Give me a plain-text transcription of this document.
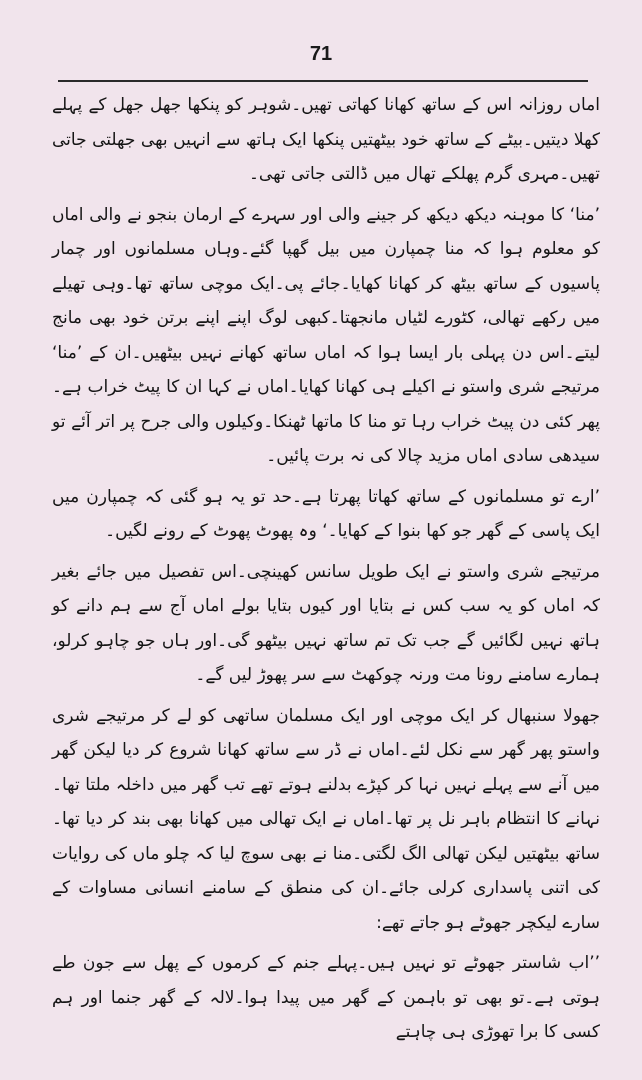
71

اماں روزانہ اس کے ساتھ کھانا کھاتی تھیں۔شوہر کو پنکھا جھل جھل کے پہلے کھلا دیتیں۔بیٹے کے ساتھ خود بیٹھتیں پنکھا ایک ہاتھ سے انہیں بھی جھلتی جاتی تھیں۔مہری گرم پھلکے تھال میں ڈالتی جاتی تھی۔

’منا‘ کا موہنہ دیکھ دیکھ کر جینے والی اور سہرے کے ارمان بنجو نے والی اماں کو معلوم ہوا کہ منا چمپارن میں بیل گھپا گئے۔وہاں مسلمانوں اور چمار پاسیوں کے ساتھ بیٹھ کر کھانا کھایا۔جائے پی۔ایک موچی ساتھ تھا۔وہی تھیلے میں رکھے تھالی، کٹورے لٹیاں مانجھتا۔کبھی لوگ اپنے اپنے برتن خود بھی مانج لیتے۔اس دن پہلی بار ایسا ہوا کہ اماں ساتھ کھانے نہیں بیٹھیں۔ان کے ’منا‘ مرتیجے شری واستو نے اکیلے ہی کھانا کھایا۔اماں نے کہا ان کا پیٹ خراب ہے۔پھر کئی دن پیٹ خراب رہا تو منا کا ماتھا ٹھنکا۔وکیلوں والی جرح پر اتر آئے تو سیدھی سادی اماں مزید چالا کی نہ برت پائیں۔

’ارے تو مسلمانوں کے ساتھ کھاتا پھرتا ہے۔حد تو یہ ہو گئی کہ چمپارن میں ایک پاسی کے گھر جو کھا بنوا کے کھایا۔‘ وہ پھوٹ پھوٹ کے رونے لگیں۔

مرتیجے شری واستو نے ایک طویل سانس کھینچی۔اس تفصیل میں جائے بغیر کہ اماں کو یہ سب کس نے بتایا اور کیوں بتایا بولے اماں آج سے ہم دانے کو ہاتھ نہیں لگائیں گے جب تک تم ساتھ نہیں بیٹھو گی۔اور ہاں جو چاہو کرلو، ہمارے سامنے رونا مت ورنہ چوکھٹ سے سر پھوڑ لیں گے۔

جھولا سنبھال کر ایک موچی اور ایک مسلمان ساتھی کو لے کر مرتیجے شری واستو پھر گھر سے نکل لئے۔اماں نے ڈر سے ساتھ کھانا شروع کر دیا لیکن گھر میں آنے سے پہلے نہیں نہا کر کپڑے بدلنے ہوتے تھے تب گھر میں داخلہ ملتا تھا۔نہانے کا انتظام باہر نل پر تھا۔اماں نے ایک تھالی میں کھانا بھی بند کر دیا تھا۔ساتھ بیٹھتیں لیکن تھالی الگ لگتی۔منا نے بھی سوچ لیا کہ چلو ماں کی روایات کی اتنی پاسداری کرلی جائے۔ان کی منطق کے سامنے انسانی مساوات کے سارے لیکچر جھوٹے ہو جاتے تھے:

’’اب شاستر جھوٹے تو نہیں ہیں۔پہلے جنم کے کرموں کے پھل سے جون طے ہوتی ہے۔تو بھی تو باہمن کے گھر میں پیدا ہوا۔لالہ کے گھر جنما اور ہم کسی کا برا تھوڑی ہی چاہتے
